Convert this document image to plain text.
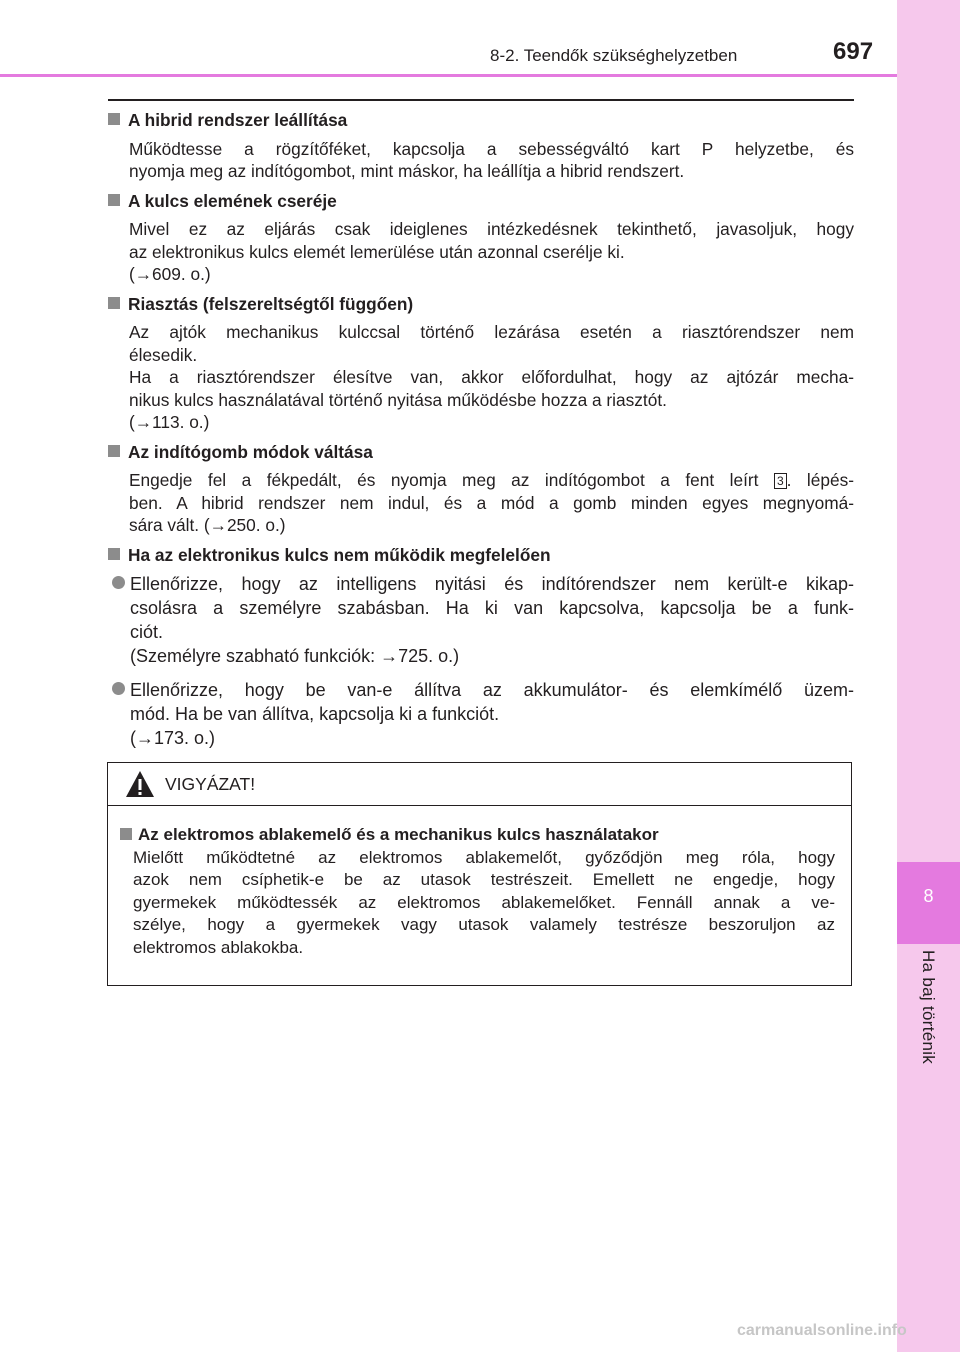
8
Ha baj történik
8-2. Teendők szükséghelyzetben	697
A hibrid rendszer leállítása
Működtesse a rögzítőféket, kapcsolja a sebességváltó kart P helyzetbe, és
nyomja meg az indítógombot, mint máskor, ha leállítja a hibrid rendszert.
A kulcs elemének cseréje
Mivel ez az eljárás csak ideiglenes intézkedésnek tekinthető, javasoljuk, hogy
az elektronikus kulcs elemét lemerülése után azonnal cserélje ki.
(→609. o.)
Riasztás (felszereltségtől függően)
Az ajtók mechanikus kulccsal történő lezárása esetén a riasztórendszer nem
élesedik.
Ha a riasztórendszer élesítve van, akkor előfordulhat, hogy az ajtózár mecha-
nikus kulcs használatával történő nyitása működésbe hozza a riasztót.
(→113. o.)
Az indítógomb módok váltása
Engedje fel a fékpedált, és nyomja meg az indítógombot a fent leírt 3 . lépés-
ben. A hibrid rendszer nem indul, és a mód a gomb minden egyes megnyomá-
sára vált. (→250. o.)
Ha az elektronikus kulcs nem működik megfelelően
Ellenőrizze, hogy az intelligens nyitási és indítórendszer nem került-e kikap-
csolásra a személyre szabásban. Ha ki van kapcsolva, kapcsolja be a funk-
ciót.
(Személyre szabható funkciók: →725. o.)
Ellenőrizze, hogy be van-e állítva az akkumulátor- és elemkímélő üzem-
mód. Ha be van állítva, kapcsolja ki a funkciót.
(→173. o.)
VIGYÁZAT!
Az elektromos ablakemelő és a mechanikus kulcs használatakor
Mielőtt működtetné az elektromos ablakemelőt, győződjön meg róla, hogy
azok nem csíphetik-e be az utasok testrészeit. Emellett ne engedje, hogy
gyermekek működtessék az elektromos ablakemelőket. Fennáll annak a ve-
szélye, hogy a gyermekek vagy utasok valamely testrésze beszoruljon az
elektromos ablakokba.
carmanualsonline.info
